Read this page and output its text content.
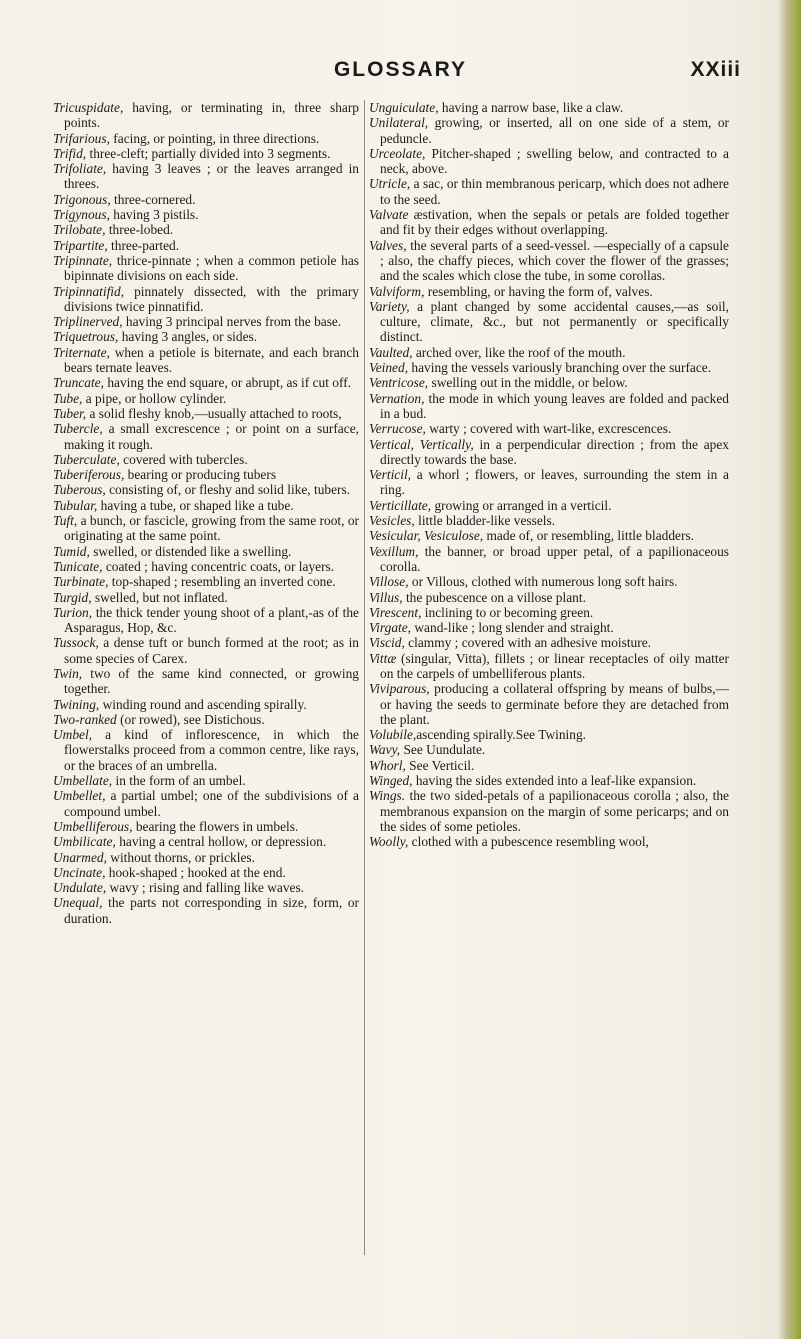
GLOSSARY	XXiii

Tricuspidate, having, or terminating in, three sharp points.

Trifarious, facing, or pointing, in three directions.

Trifid, three-cleft; partially divided into 3 segments.

Trifoliate, having 3 leaves ; or the leaves arranged in threes.

Trigonous, three-cornered.

Trigynous, having 3 pistils.

Trilobate, three-lobed.

Tripartite, three-parted.

Tripinnate, thrice-pinnate ; when a common petiole has bipinnate divisions on each side.

Tripinnatifid, pinnately dissected, with the primary divisions twice pinnatifid.

Triplinerved, having 3 principal nerves from the base.

Triquetrous, having 3 angles, or sides.

Triternate, when a petiole is biternate, and each branch bears ternate leaves.

Truncate, having the end square, or abrupt, as if cut off.

Tube, a pipe, or hollow cylinder.

Tuber, a solid fleshy knob,—usually attached to roots,

Tubercle, a small excrescence ; or point on a surface, making it rough.

Tuberculate, covered with tubercles.

Tuberiferous, bearing or producing tubers

Tuberous, consisting of, or fleshy and solid like, tubers.

Tubular, having a tube, or shaped like a tube.

Tuft, a bunch, or fascicle, growing from the same root, or originating at the same point.

Tumid, swelled, or distended like a swelling.

Tunicate, coated ; having concentric coats, or layers.

Turbinate, top-shaped ; resembling an inverted cone.

Turgid, swelled, but not inflated.

Turion, the thick tender young shoot of a plant,-as of the Asparagus, Hop, &c.

Tussock, a dense tuft or bunch formed at the root; as in some species of Carex.

Twin, two of the same kind connected, or growing together.

Twining, winding round and ascending spirally.

Two-ranked (or rowed), see Distichous.

Umbel, a kind of inflorescence, in which the flowerstalks proceed from a common centre, like rays, or the braces of an umbrella.

Umbellate, in the form of an umbel.

Umbellet, a partial umbel; one of the subdivisions of a compound umbel.

Umbelliferous, bearing the flowers in umbels.

Umbilicate, having a central hollow, or depression.

Unarmed, without thorns, or prickles.

Uncinate, hook-shaped ; hooked at the end.

Undulate, wavy ; rising and falling like waves.

Unequal, the parts not corresponding in size, form, or duration.

Unguiculate, having a narrow base, like a claw.

Unilateral, growing, or inserted, all on one side of a stem, or peduncle.

Urceolate, Pitcher-shaped ; swelling below, and contracted to a neck, above.

Utricle, a sac, or thin membranous pericarp, which does not adhere to the seed.

Valvate æstivation, when the sepals or petals are folded together and fit by their edges without overlapping.

Valves, the several parts of a seed-vessel. —especially of a capsule ; also, the chaffy pieces, which cover the flower of the grasses; and the scales which close the tube, in some corollas.

Valviform, resembling, or having the form of, valves.

Variety, a plant changed by some accidental causes,—as soil, culture, climate, &c., but not permanently or specifically distinct.

Vaulted, arched over, like the roof of the mouth.

Veined, having the vessels variously branching over the surface.

Ventricose, swelling out in the middle, or below.

Vernation, the mode in which young leaves are folded and packed in a bud.

Verrucose, warty ; covered with wart-like, excrescences.

Vertical, Vertically, in a perpendicular direction ; from the apex directly towards the base.

Verticil, a whorl ; flowers, or leaves, surrounding the stem in a ring.

Verticillate, growing or arranged in a verticil.

Vesicles, little bladder-like vessels.

Vesicular, Vesiculose, made of, or resembling, little bladders.

Vexillum, the banner, or broad upper petal, of a papilionaceous corolla.

Villose, or Villous, clothed with numerous long soft hairs.

Villus, the pubescence on a villose plant.

Virescent, inclining to or becoming green.

Virgate, wand-like ; long slender and straight.

Viscid, clammy ; covered with an adhesive moisture.

Vittæ (singular, Vitta), fillets ; or linear receptacles of oily matter on the carpels of umbelliferous plants.

Viviparous, producing a collateral offspring by means of bulbs,—or having the seeds to germinate before they are detached from the plant.

Volubile,ascending spirally.See Twining.

Wavy, See Uundulate.

Whorl, See Verticil.

Winged, having the sides extended into a leaf-like expansion.

Wings. the two sided-petals of a papilionaceous corolla ; also, the membranous expansion on the margin of some pericarps; and on the sides of some petioles.

Woolly, clothed with a pubescence resembling wool,
